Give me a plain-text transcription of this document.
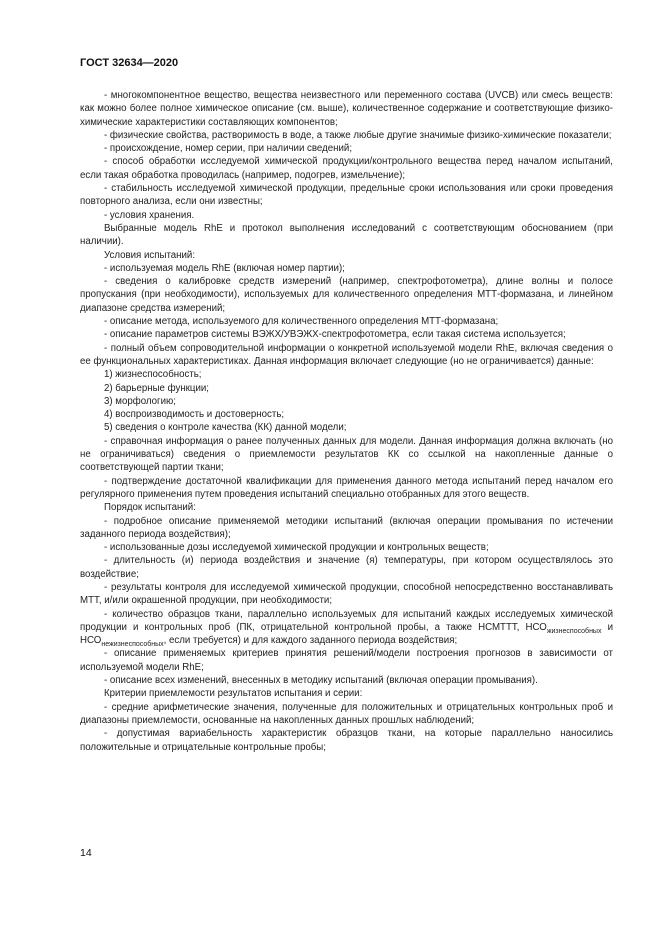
ГОСТ 32634—2020

- многокомпонентное вещество, вещества неизвестного или переменного состава (UVCB) или смесь веществ: как можно более полное химическое описание (см. выше), количественное содержание и соответствующие физико-химические характеристики составляющих компонентов;

- физические свойства, растворимость в воде, а также любые другие значимые физико-химические показатели;

- происхождение, номер серии, при наличии сведений;

- способ обработки исследуемой химической продукции/контрольного вещества перед началом испытаний, если такая обработка проводилась (например, подогрев, измельчение);

- стабильность исследуемой химической продукции, предельные сроки использования или сроки проведения повторного анализа, если они известны;

- условия хранения.

Выбранные модель RhE и протокол выполнения исследований с соответствующим обоснованием (при наличии).

Условия испытаний:

- используемая модель RhE (включая номер партии);

- сведения о калибровке средств измерений (например, спектрофотометра), длине волны и полосе пропускания (при необходимости), используемых для количественного определения МТТ-формазана, и линейном диапазоне средства измерений;

- описание метода, используемого для количественного определения МТТ-формазана;

- описание параметров системы ВЭЖХ/УВЭЖХ-спектрофотометра, если такая система используется;

- полный объем сопроводительной информации о конкретной используемой модели RhE, включая сведения о ее функциональных характеристиках. Данная информация включает следующие (но не ограничивается) данные:

1) жизнеспособность;

2) барьерные функции;

3) морфологию;

4) воспроизводимость и достоверность;

5) сведения о контроле качества (КК) данной модели;

- справочная информация о ранее полученных данных для модели. Данная информация должна включать (но не ограничиваться) сведения о приемлемости результатов КК со ссылкой на накопленные данные о соответствующей партии ткани;

- подтверждение достаточной квалификации для применения данного метода испытаний перед началом его регулярного применения путем проведения испытаний специально отобранных для этого веществ.

Порядок испытаний:

- подробное описание применяемой методики испытаний (включая операции промывания по истечении заданного периода воздействия);

- использованные дозы исследуемой химической продукции и контрольных веществ;

- длительность (и) периода воздействия и значение (я) температуры, при котором осуществлялось это воздействие;

- результаты контроля для исследуемой химической продукции, способной непосредственно восстанавливать МТТ, и/или окрашенной продукции, при необходимости;

- количество образцов ткани, параллельно используемых для испытаний каждых исследуемых химической продукции и контрольных проб (ПК, отрицательной контрольной пробы, а также НСМТТТ, $НСО_{жизнеспособных}$ и $НСО_{нежизнеспособных}$, если требуется) и для каждого заданного периода воздействия;

- описание применяемых критериев принятия решений/модели построения прогнозов в зависимости от используемой модели RhE;

- описание всех изменений, внесенных в методику испытаний (включая операции промывания).

Критерии приемлемости результатов испытания и серии:

- средние арифметические значения, полученные для положительных и отрицательных контрольных проб и диапазоны приемлемости, основанные на накопленных данных прошлых наблюдений;

- допустимая вариабельность характеристик образцов ткани, на которые параллельно наносились положительные и отрицательные контрольные пробы;

14
